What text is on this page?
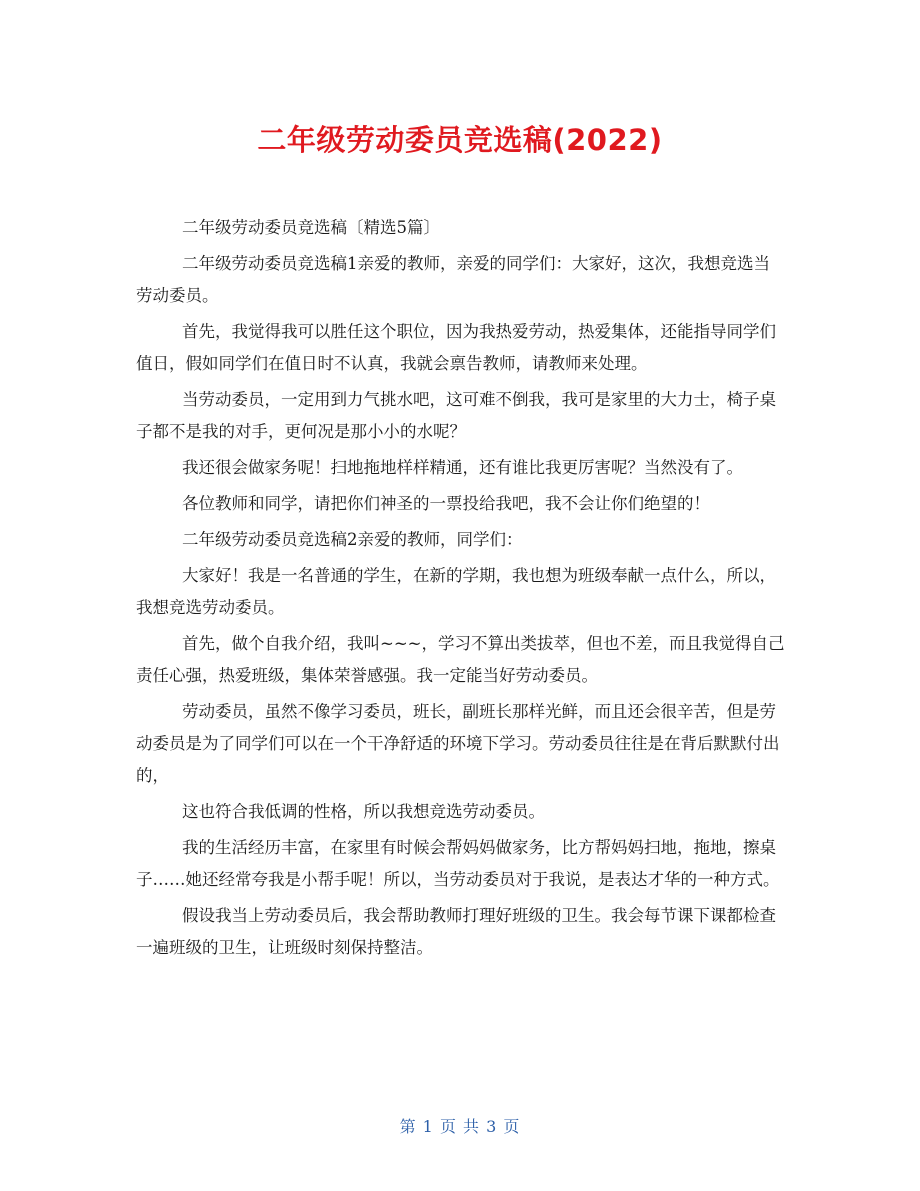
二年级劳动委员竞选稿(2022)

二年级劳动委员竞选稿〔精选5篇〕

二年级劳动委员竞选稿1亲爱的教师，亲爱的同学们：大家好，这次，我想竞选当劳动委员。

首先，我觉得我可以胜任这个职位，因为我热爱劳动，热爱集体，还能指导同学们值日，假如同学们在值日时不认真，我就会禀告教师，请教师来处理。

当劳动委员，一定用到力气挑水吧，这可难不倒我，我可是家里的大力士，椅子桌子都不是我的对手，更何况是那小小的水呢？

我还很会做家务呢！扫地拖地样样精通，还有谁比我更厉害呢？当然没有了。

各位教师和同学，请把你们神圣的一票投给我吧，我不会让你们绝望的！

二年级劳动委员竞选稿2亲爱的教师，同学们：

大家好！我是一名普通的学生，在新的学期，我也想为班级奉献一点什么，所以，我想竞选劳动委员。

首先，做个自我介绍，我叫~~~，学习不算出类拔萃，但也不差，而且我觉得自己责任心强，热爱班级，集体荣誉感强。我一定能当好劳动委员。

劳动委员，虽然不像学习委员，班长，副班长那样光鲜，而且还会很辛苦，但是劳动委员是为了同学们可以在一个干净舒适的环境下学习。劳动委员往往是在背后默默付出的，

这也符合我低调的性格，所以我想竞选劳动委员。

我的生活经历丰富，在家里有时候会帮妈妈做家务，比方帮妈妈扫地，拖地，擦桌子……她还经常夸我是小帮手呢！所以，当劳动委员对于我说，是表达才华的一种方式。

假设我当上劳动委员后，我会帮助教师打理好班级的卫生。我会每节课下课都检查一遍班级的卫生，让班级时刻保持整洁。

第 1 页 共 3 页
